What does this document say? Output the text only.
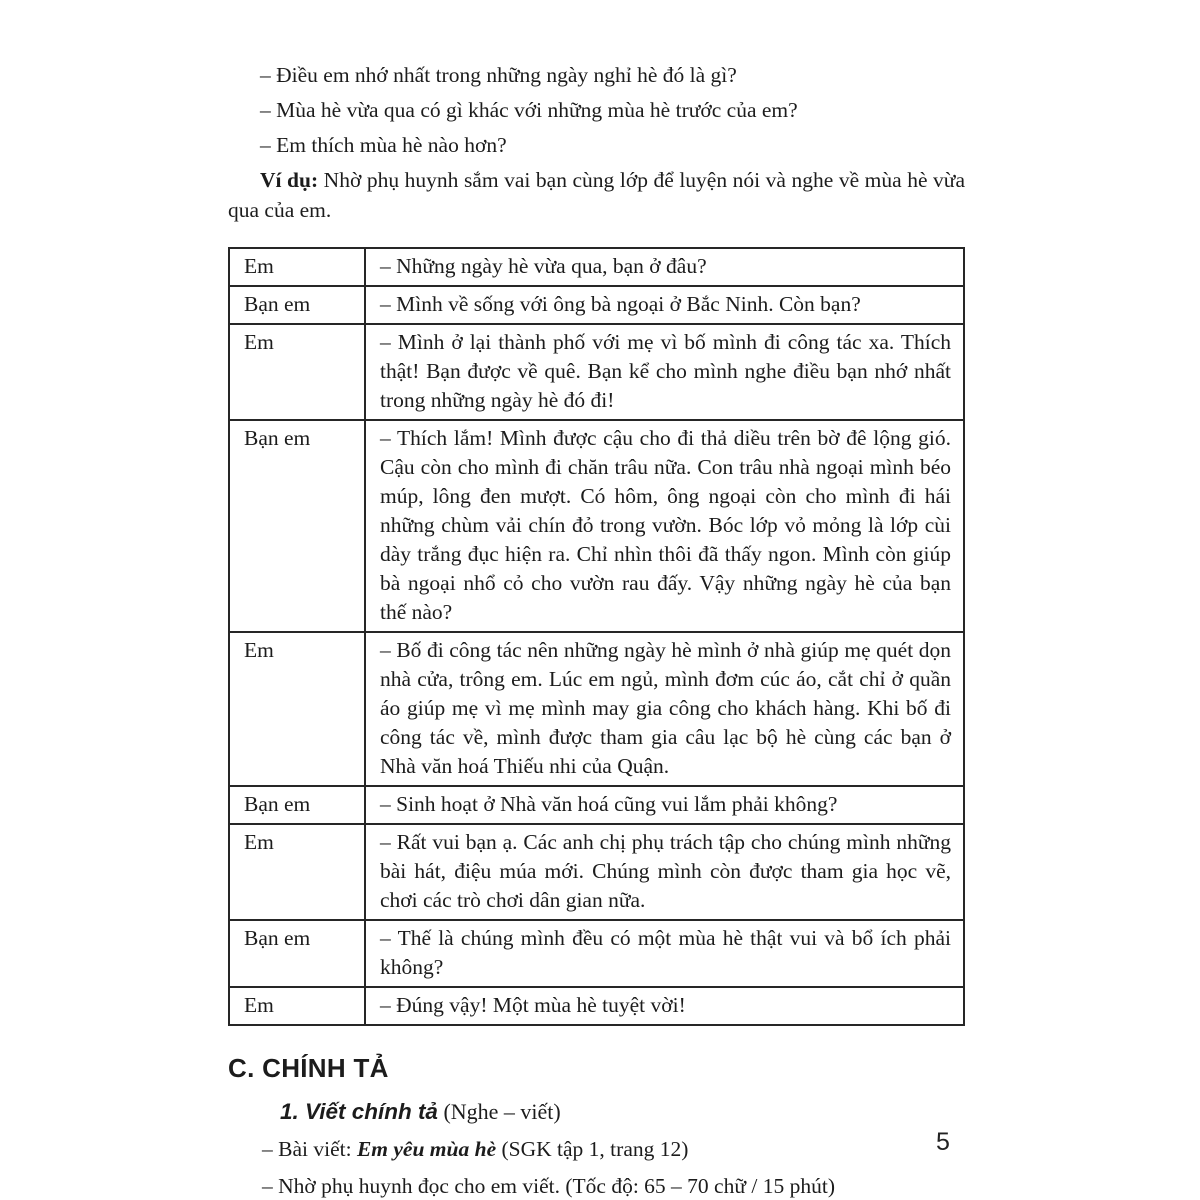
– Điều em nhớ nhất trong những ngày nghỉ hè đó là gì?
– Mùa hè vừa qua có gì khác với những mùa hè trước của em?
– Em thích mùa hè nào hơn?

Ví dụ: Nhờ phụ huynh sắm vai bạn cùng lớp để luyện nói và nghe về mùa hè vừa qua của em.

Em	– Những ngày hè vừa qua, bạn ở đâu?
Bạn em	– Mình về sống với ông bà ngoại ở Bắc Ninh. Còn bạn?
Em	– Mình ở lại thành phố với mẹ vì bố mình đi công tác xa. Thích thật! Bạn được về quê. Bạn kể cho mình nghe điều bạn nhớ nhất trong những ngày hè đó đi!
Bạn em	– Thích lắm! Mình được cậu cho đi thả diều trên bờ đê lộng gió. Cậu còn cho mình đi chăn trâu nữa. Con trâu nhà ngoại mình béo múp, lông đen mượt. Có hôm, ông ngoại còn cho mình đi hái những chùm vải chín đỏ trong vườn. Bóc lớp vỏ mỏng là lớp cùi dày trắng đục hiện ra. Chỉ nhìn thôi đã thấy ngon. Mình còn giúp bà ngoại nhổ cỏ cho vườn rau đấy. Vậy những ngày hè của bạn thế nào?
Em	– Bố đi công tác nên những ngày hè mình ở nhà giúp mẹ quét dọn nhà cửa, trông em. Lúc em ngủ, mình đơm cúc áo, cắt chỉ ở quần áo giúp mẹ vì mẹ mình may gia công cho khách hàng. Khi bố đi công tác về, mình được tham gia câu lạc bộ hè cùng các bạn ở Nhà văn hoá Thiếu nhi của Quận.
Bạn em	– Sinh hoạt ở Nhà văn hoá cũng vui lắm phải không?
Em	– Rất vui bạn ạ. Các anh chị phụ trách tập cho chúng mình những bài hát, điệu múa mới. Chúng mình còn được tham gia học vẽ, chơi các trò chơi dân gian nữa.
Bạn em	– Thế là chúng mình đều có một mùa hè thật vui và bổ ích phải không?
Em	– Đúng vậy! Một mùa hè tuyệt vời!
C. CHÍNH TẢ
1. Viết chính tả (Nghe – viết)
– Bài viết: Em yêu mùa hè (SGK tập 1, trang 12)
– Nhờ phụ huynh đọc cho em viết. (Tốc độ: 65 – 70 chữ / 15 phút)
5
